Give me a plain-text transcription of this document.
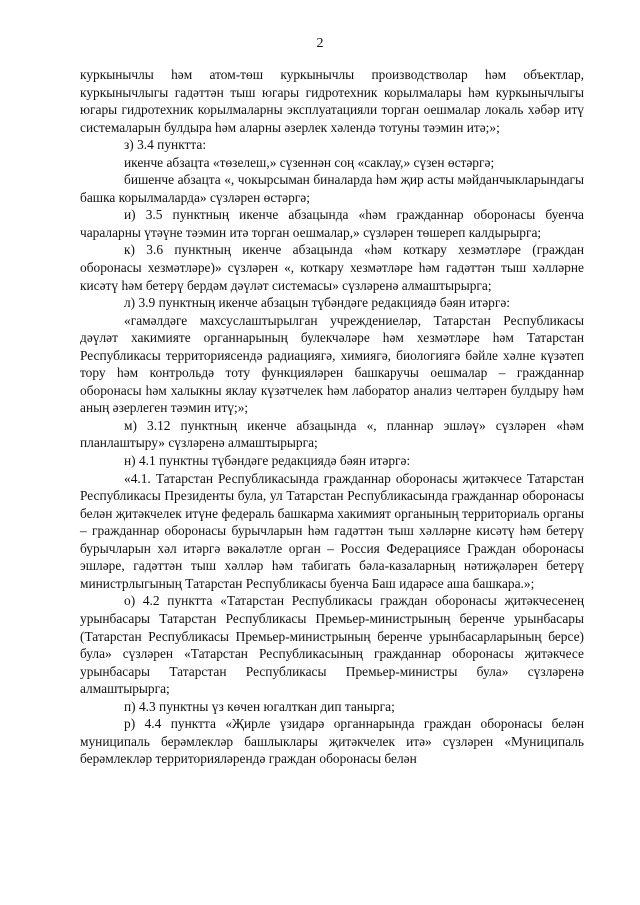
2

куркынычлы һәм атом-төш куркынычлы производстволар һәм объектлар, куркынычлыгы гадәттән тыш югары гидротехник корылмалары һәм куркынычлыгы югары гидротехник корылмаларны эксплуатацияли торган оешмалар локаль хәбәр итү системаларын булдыра һәм аларны әзерлек хәлендә тотуны тәэмин итә;»;

з) 3.4 пунктта:

икенче абзацта «төзелеш,» сүзеннән соң «саклау,» сүзен өстәргә;

бишенче абзацта «, чокырсыман биналарда һәм җир асты мәйданчыкларындагы башка корылмаларда» сүзләрен өстәргә;

и) 3.5 пунктның икенче абзацында «һәм гражданнар оборонасы буенча чараларны үтәүне тәэмин итә торган оешмалар,» сүзләрен төшереп калдырырга;

к) 3.6 пунктның икенче абзацында «һәм коткару хезмәтләре (граждан оборонасы хезмәтләре)» сүзләрен «, коткару хезмәтләре һәм гадәттән тыш хәлләрне кисәтү һәм бетерү бердәм дәүләт системасы» сүзләренә алмаштырырга;

л) 3.9 пунктның икенче абзацын түбәндәге редакциядә бәян итәргә:

«гамәлдәге махсуслаштырылган учреждениеләр, Татарстан Республикасы дәүләт хакимияте органнарының булекчәләре һәм хезмәтләре һәм Татарстан Республикасы территориясендә радиациягә, химиягә, биологиягә бәйле хәлне күзәтеп тору һәм контрольдә тоту функцияләрен башкаручы оешмалар – гражданнар оборонасы һәм халыкны яклау күзәтчелек һәм лаборатор анализ челтәрен булдыру һәм аның әзерлеген тәэмин итү;»;

м) 3.12 пунктның икенче абзацында «, планнар эшләү» сүзләрен «һәм планлаштыру» сүзләренә алмаштырырга;

н) 4.1 пунктны түбәндәге редакциядә бәян итәргә:

«4.1. Татарстан Республикасында гражданнар оборонасы җитәкчесе Татарстан Республикасы Президенты була, ул Татарстан Республикасында гражданнар оборонасы белән җитәкчелек итүне федераль башкарма хакимият органының территориаль органы – гражданнар оборонасы бурычларын һәм гадәттән тыш хәлләрне кисәтү һәм бетерү бурычларын хәл итәргә вәкаләтле орган – Россия Федерациясе Граждан оборонасы эшләре, гадәттән тыш хәлләр һәм табигать бәла-казаларның нәтиҗәләрен бетерү министрлыгының Татарстан Республикасы буенча Баш идарәсе аша башкара.»;

о) 4.2 пунктта «Татарстан Республикасы граждан оборонасы җитәкчесенең урынбасары Татарстан Республикасы Премьер-министрының беренче урынбасары (Татарстан Республикасы Премьер-министрының беренче урынбасарларының берсе) була» сүзләрен «Татарстан Республикасының гражданнар оборонасы җитәкчесе урынбасары Татарстан Республикасы Премьер-министры була» сүзләренә алмаштырырга;

п) 4.3 пунктны үз көчен югалткан дип танырга;

р) 4.4 пунктта «Җирле үзидарә органнарында граждан оборонасы белән муниципаль берәмлекләр башлыклары җитәкчелек итә» сүзләрен «Муниципаль берәмлекләр территорияләрендә граждан оборонасы белән
